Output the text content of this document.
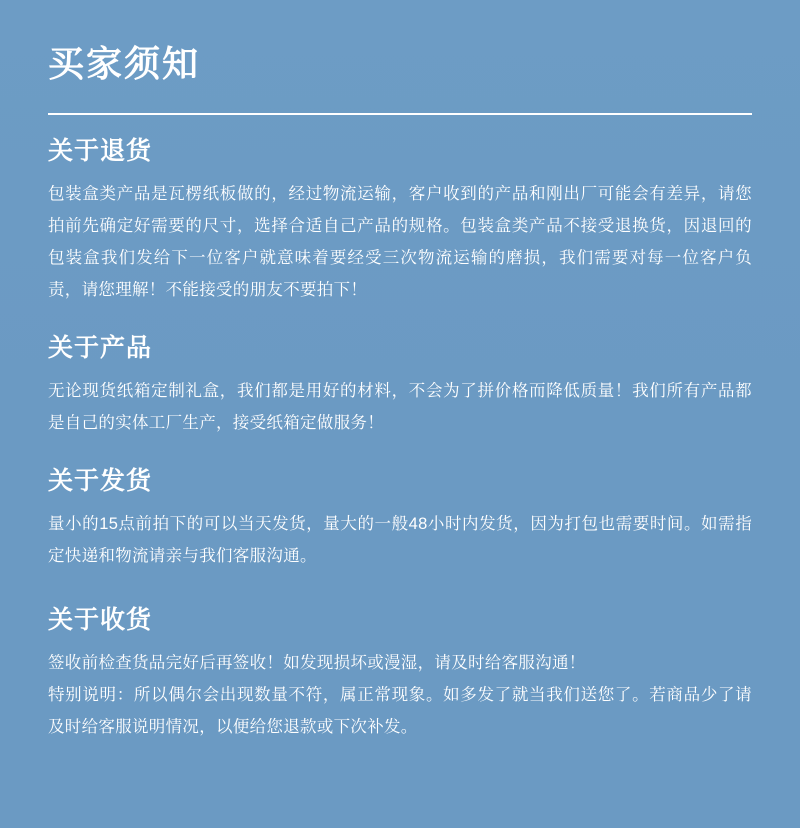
买家须知
关于退货

包装盒类产品是瓦楞纸板做的，经过物流运输，客户收到的产品和刚出厂可能会有差异，请您拍前先确定好需要的尺寸，选择合适自己产品的规格。包装盒类产品不接受退换货，因退回的包装盒我们发给下一位客户就意味着要经受三次物流运输的磨损，我们需要对每一位客户负责，请您理解！不能接受的朋友不要拍下！

关于产品

无论现货纸箱定制礼盒，我们都是用好的材料，不会为了拼价格而降低质量！我们所有产品都是自己的实体工厂生产，接受纸箱定做服务！

关于发货

量小的15点前拍下的可以当天发货，量大的一般48小时内发货，因为打包也需要时间。如需指定快递和物流请亲与我们客服沟通。

关于收货

签收前检查货品完好后再签收！如发现损坏或漫湿，请及时给客服沟通！

特别说明：所以偶尔会出现数量不符，属正常现象。如多发了就当我们送您了。若商品少了请及时给客服说明情况，以便给您退款或下次补发。
